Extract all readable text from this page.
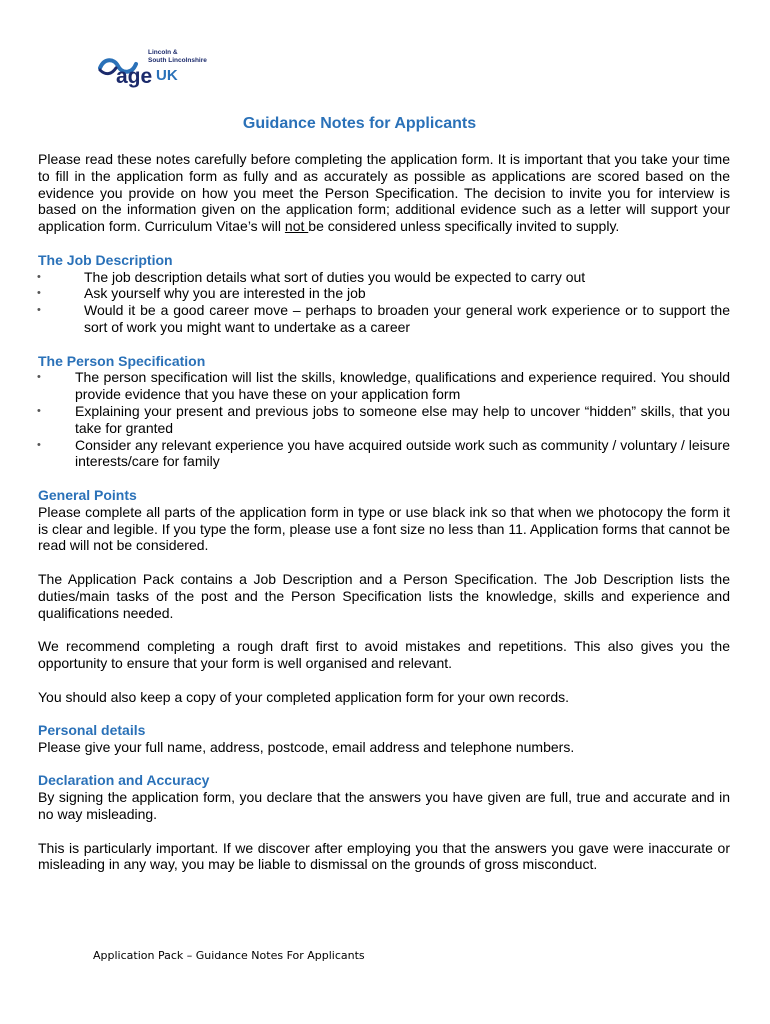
Lincoln &
South Lincolnshire
age UK
Guidance Notes for Applicants

Please read these notes carefully before completing the application form. It is important that you take your time to fill in the application form as fully and as accurately as possible as applications are scored based on the evidence you provide on how you meet the Person Specification. The decision to invite you for interview is based on the information given on the application form; additional evidence such as a letter will support your application form. Curriculum Vitae’s will not be considered unless specifically invited to supply.

The Job Description

•	The job description details what sort of duties you would be expected to carry out
•	Ask yourself why you are interested in the job
•	Would it be a good career move – perhaps to broaden your general work experience or to support the sort of work you might want to undertake as a career

The Person Specification

• The person specification will list the skills, knowledge, qualifications and experience required. You should provide evidence that you have these on your application form
• Explaining your present and previous jobs to someone else may help to uncover “hidden” skills, that you take for granted
• Consider any relevant experience you have acquired outside work such as community / voluntary / leisure interests/care for family

General Points

Please complete all parts of the application form in type or use black ink so that when we photocopy the form it is clear and legible. If you type the form, please use a font size no less than 11. Application forms that cannot be read will not be considered.

The Application Pack contains a Job Description and a Person Specification. The Job Description lists the duties/main tasks of the post and the Person Specification lists the knowledge, skills and experience and qualifications needed.

We recommend completing a rough draft first to avoid mistakes and repetitions. This also gives you the opportunity to ensure that your form is well organised and relevant.

You should also keep a copy of your completed application form for your own records.

Personal details

Please give your full name, address, postcode, email address and telephone numbers.

Declaration and Accuracy

By signing the application form, you declare that the answers you have given are full, true and accurate and in no way misleading.

This is particularly important. If we discover after employing you that the answers you gave were inaccurate or misleading in any way, you may be liable to dismissal on the grounds of gross misconduct.

Application Pack – Guidance Notes For Applicants
